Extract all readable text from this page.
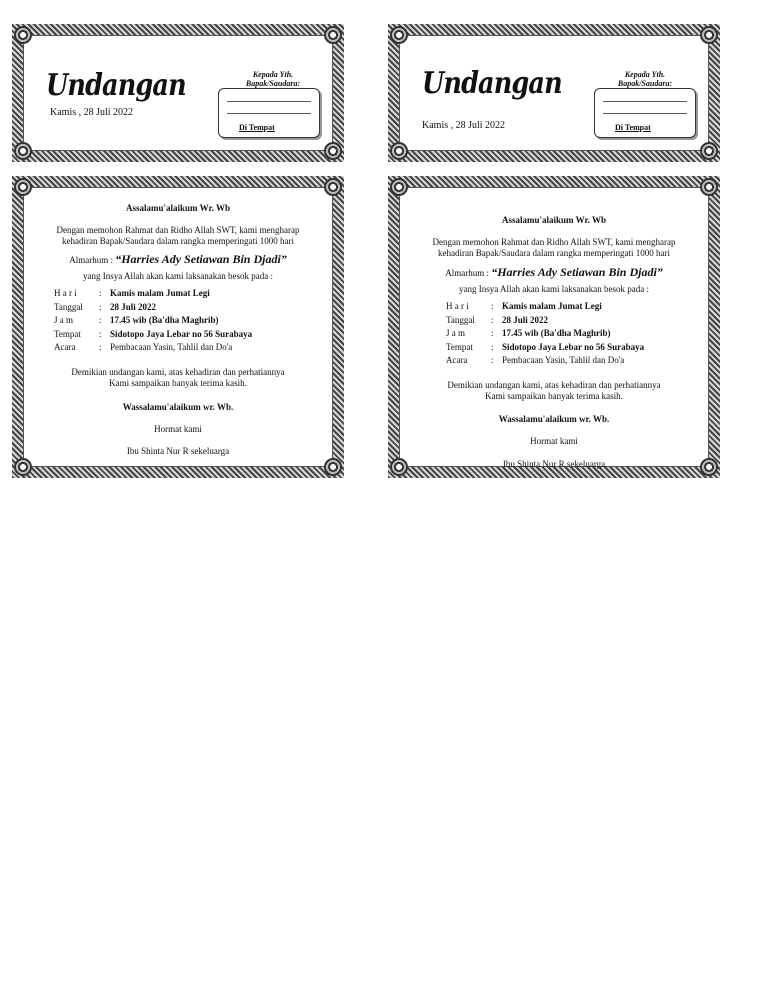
Undangan
Kamis , 28 Juli 2022
Kepada Yth.
Bapak/Saudara:
Di Tempat
Undangan
Kamis , 28 Juli 2022
Kepada Yth.
Bapak/Saudara:
Di Tempat
Assalamu'alaikum Wr. Wb
Dengan memohon Rahmat dan Ridho Allah SWT, kami mengharap
kehadiran Bapak/Saudara dalam rangka memperingati 1000 hari
Almarhum : “Harries Ady Setiawan Bin Djadi”
yang Insya Allah akan kami laksanakan besok pada :
H a r i	: Kamis malam Jumat Legi
Tanggal	: 28 Juli 2022
J a m	: 17.45 wib (Ba'dha Maghrib)
Tempat	: Sidotopo Jaya Lebar no 56 Surabaya
Acara	: Pembacaan Yasin, Tahlil dan Do'a
Demikian undangan kami, atas kehadiran dan perhatiannya
Kami sampaikan banyak terima kasih.
Wassalamu'alaikum wr. Wb.
Hormat kami
Ibu Shinta Nur R sekeluarga
Assalamu'alaikum Wr. Wb
Dengan memohon Rahmat dan Ridho Allah SWT, kami mengharap
kehadiran Bapak/Saudara dalam rangka memperingati 1000 hari
Almarhum : “Harries Ady Setiawan Bin Djadi”
yang Insya Allah akan kami laksanakan besok pada :
H a r i	: Kamis malam Jumat Legi
Tanggal	: 28 Juli 2022
J a m	: 17.45 wib (Ba'dha Maghrib)
Tempat	: Sidotopo Jaya Lebar no 56 Surabaya
Acara	: Pembacaan Yasin, Tahlil dan Do'a
Demikian undangan kami, atas kehadiran dan perhatiannya
Kami sampaikan banyak terima kasih.
Wassalamu'alaikum wr. Wb.
Hormat kami
Ibu Shinta Nur R sekeluarga
